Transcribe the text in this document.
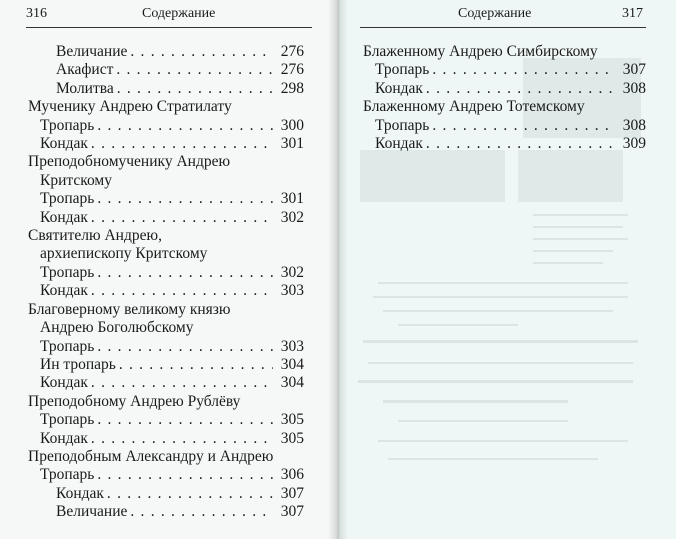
316	Содержание
Величание . . .	276
Акафист . . .	276
Молитва . . .	298
Мученику Андрею Стратилату
Тропарь . . .	300
Кондак . . .	301
Преподобномученику Андрею
Критскому
Тропарь . . .	301
Кондак . . .	302
Святителю Андрею,
архиепископу Критскому
Тропарь . . .	302
Кондак . . .	303
Благоверному великому князю
Андрею Боголюбскому
Тропарь . . .	303
Ин тропарь . . .	304
Кондак . . .	304
Преподобному Андрею Рублёву
Тропарь . . .	305
Кондак . . .	305
Преподобным Александру и Андрею
Тропарь . . .	306
Кондак . . .	307
Величание . . .	307
Содержание	317
Блаженному Андрею Симбирскому
Тропарь . . .	307
Кондак . . .	308
Блаженному Андрею Тотемскому
Тропарь . . .	308
Кондак . . .	309
